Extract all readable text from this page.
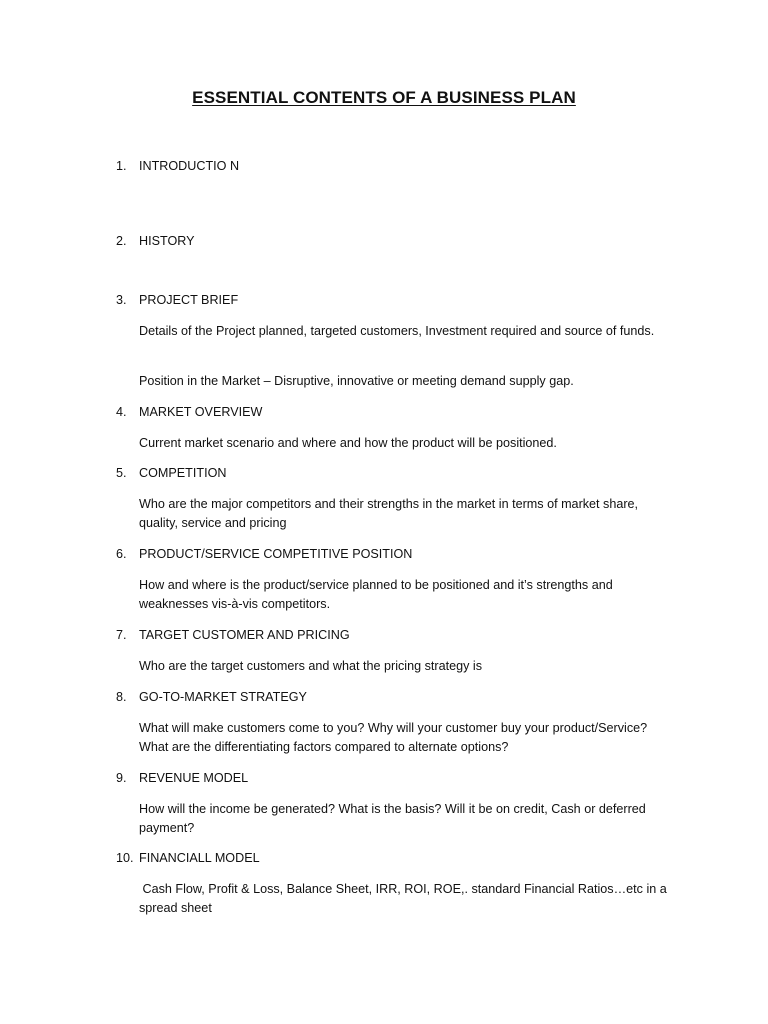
ESSENTIAL CONTENTS OF A BUSINESS PLAN
1. INTRODUCTIO N
2. HISTORY
3. PROJECT BRIEF
Details of the Project planned, targeted customers, Investment required and source of funds.
Position in the Market – Disruptive, innovative or meeting demand supply gap.
4. MARKET OVERVIEW
Current market scenario and where and how the product will be positioned.
5. COMPETITION
Who are the major competitors and their strengths in the market in terms of market share, quality, service and pricing
6. PRODUCT/SERVICE COMPETITIVE POSITION
How and where is the product/service planned to be positioned and it’s strengths and weaknesses vis-à-vis competitors.
7. TARGET CUSTOMER AND PRICING
Who are the target customers and what the pricing strategy is
8. GO-TO-MARKET STRATEGY
What will make customers come to you? Why will your customer buy your product/Service? What are the differentiating factors compared to alternate options?
9. REVENUE MODEL
How will the income be generated? What is the basis? Will it be on credit, Cash or deferred payment?
10. FINANCIALL MODEL
Cash Flow, Profit & Loss, Balance Sheet, IRR, ROI, ROE,. standard Financial Ratios…etc in a spread sheet
